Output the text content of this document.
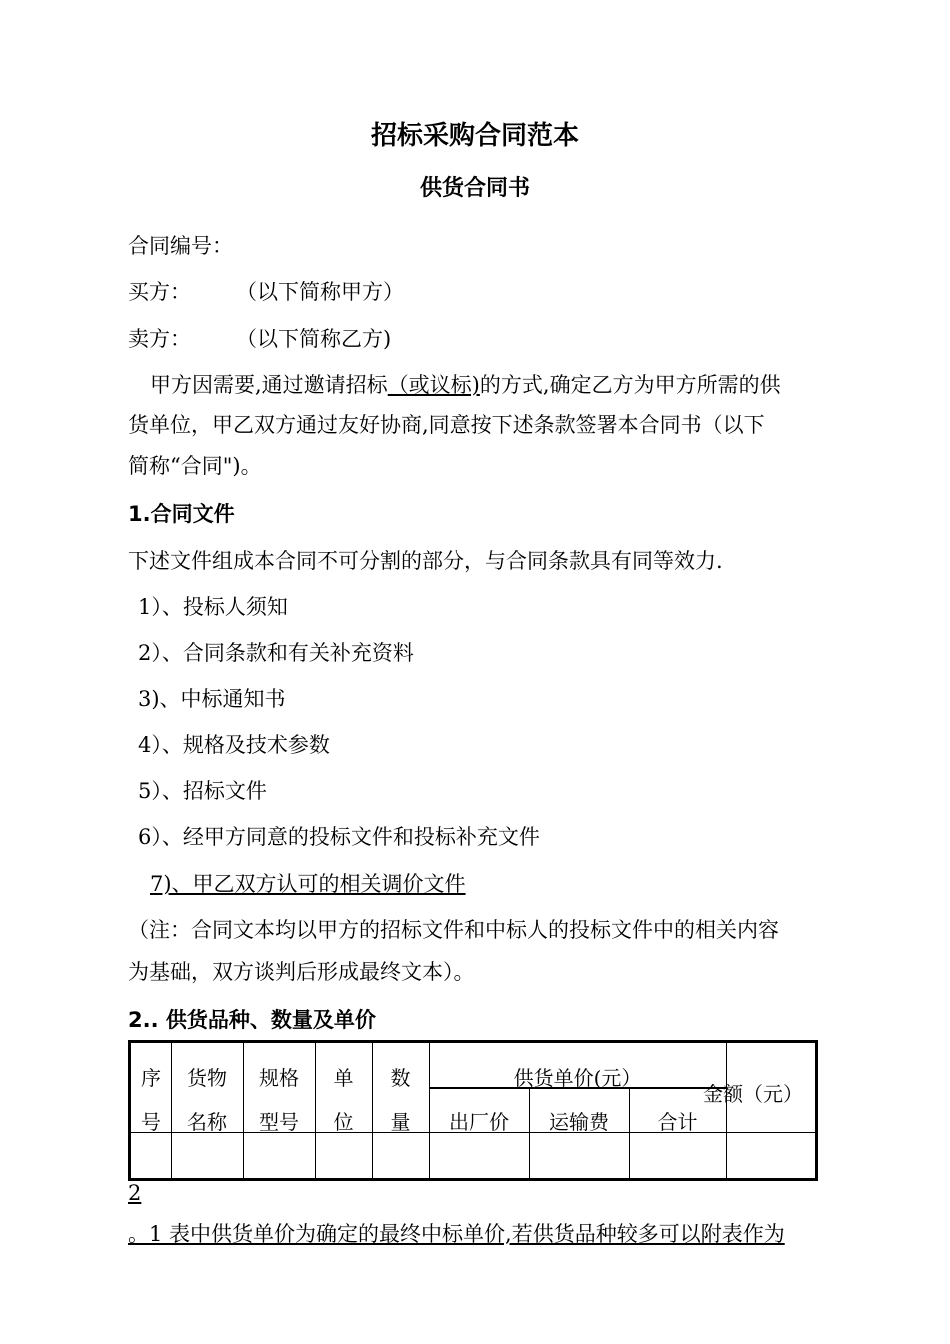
招标采购合同范本
供货合同书
合同编号：
买方： （以下简称甲方）
卖方： （以下简称乙方)
甲方因需要,通过邀请招标（或议标)的方式,确定乙方为甲方所需的供
货单位，甲乙双方通过友好协商,同意按下述条款签署本合同书（以下
简称“合同")。
1.合同文件
下述文件组成本合同不可分割的部分，与合同条款具有同等效力.
1）、投标人须知
2）、合同条款和有关补充资料
3)、中标通知书
4）、规格及技术参数
5）、招标文件
6）、经甲方同意的投标文件和投标补充文件
7)、甲乙双方认可的相关调价文件
（注：合同文本均以甲方的招标文件和中标人的投标文件中的相关内容
为基础，双方谈判后形成最终文本）。
2.. 供货品种、数量及单价
序
号
货物
名称
规格
型号
单
位
数
量
供货单价(元）
出厂价	运输费	合计
金额（元）
2
。1 表中供货单价为确定的最终中标单价,若供货品种较多可以附表作为
